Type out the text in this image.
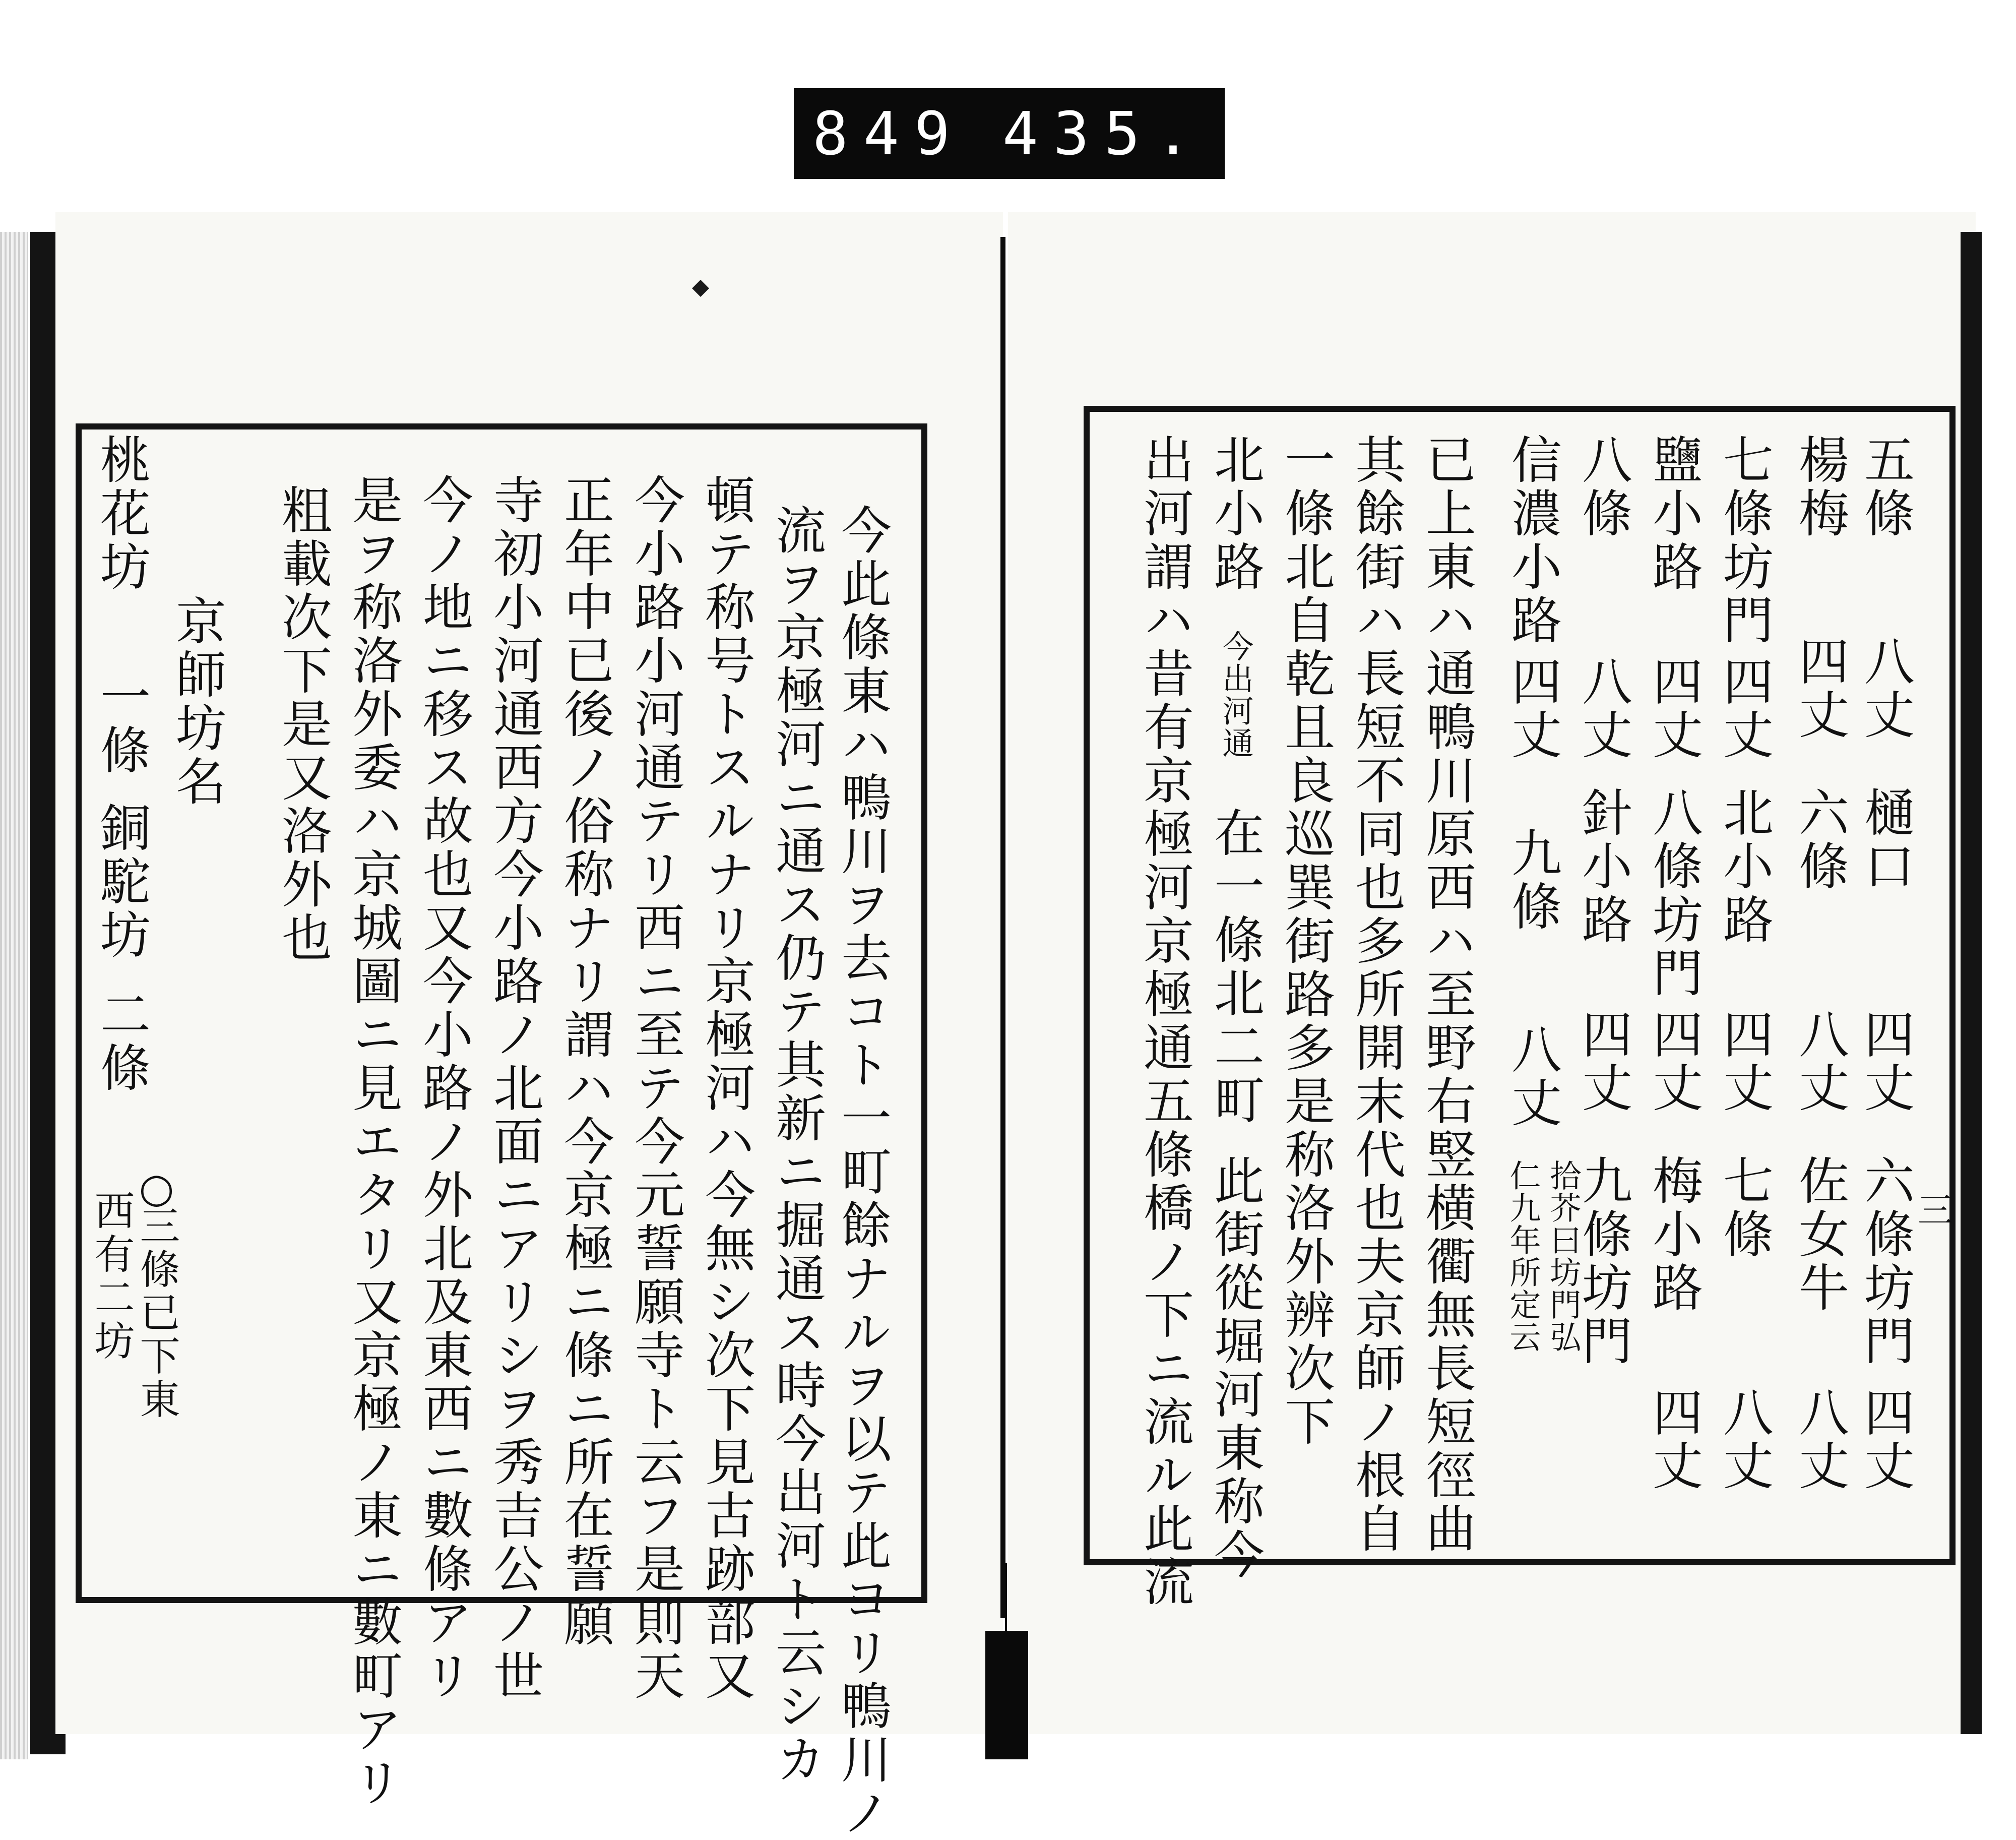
849 435.
五條
八丈
樋口
四丈
六條坊門
四丈
楊梅
四丈
六條
八丈
佐女牛
八丈
七條坊門
四丈
北小路
四丈
七條
八丈
鹽小路
四丈
八條坊門
四丈
梅小路
四丈
八條
八丈
針小路
四丈
九條坊門
信濃小路
四丈
九條
八丈
拾芥曰坊門弘
仁九年所定云
已上東ハ通鴨川原西ハ至野右竪横衢無長短徑曲
其餘街ハ長短不同也多所開末代也夫京師ノ根自
一條北自乾且良巡巽街路多是称洛外辨次下
北小路
今出河通
在一條北二町
此街從堀河東称今
出河謂ハ昔有京極河京極通五條橋ノ下ニ流ル此流	三
今此條東ハ鴨川ヲ去コト一町餘ナルヲ以テ此ヨリ鴨川ノ
流ヲ京極河ニ通ス仍テ其新ニ掘通ス時今出河ト云シカ
頓テ称号トスルナリ京極河ハ今無シ次下見古跡部又
今小路小河通テリ西ニ至テ今元誓願寺ト云フ是則天
正年中已後ノ俗称ナリ謂ハ今京極ニ條ニ所在誓願
寺初小河通西方今小路ノ北面ニアリシヲ秀吉公ノ世
今ノ地ニ移ス故也又今小路ノ外北及東西ニ數條アリ
是ヲ称洛外委ハ京城圖ニ見エタリ又京極ノ東ニ數町アリ
粗載次下是又洛外也
桃花坊
一條 京師坊名
銅駝坊
二條
○
三條已下東
西有二坊
